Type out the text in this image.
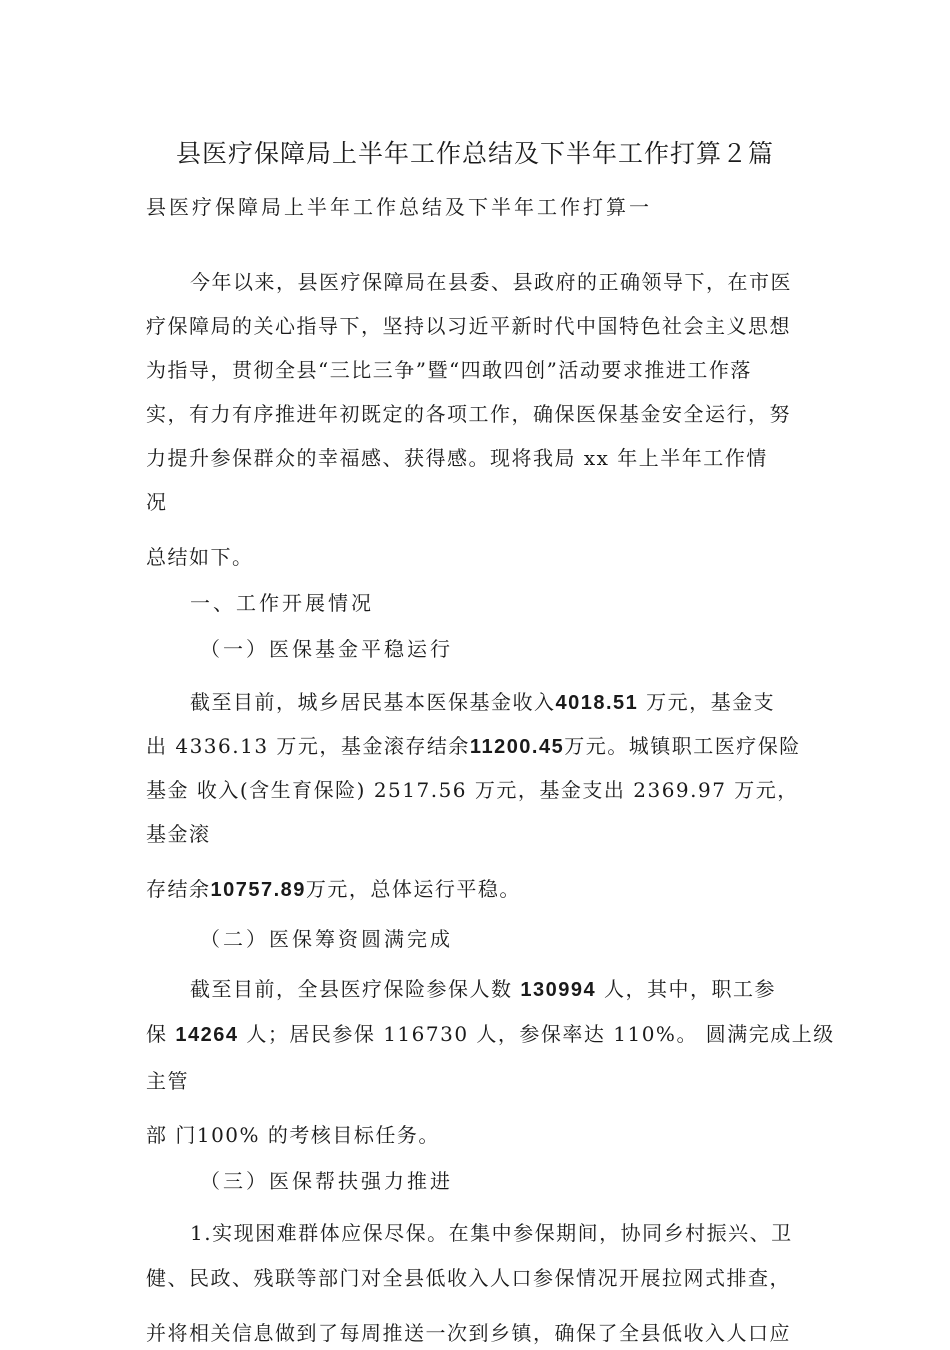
县医疗保障局上半年工作总结及下半年工作打算２篇
县医疗保障局上半年工作总结及下半年工作打算一
今年以来，县医疗保障局在县委、县政府的正确领导下，在市医
疗保障局的关心指导下，坚持以习近平新时代中国特色社会主义思想
为指导，贯彻全县“三比三争”暨“四敢四创”活动要求推进工作落
实，有力有序推进年初既定的各项工作，确保医保基金安全运行，努
力提升参保群众的幸福感、获得感。现将我局 xx 年上半年工作情
况
总结如下。
一、工作开展情况
（一）医保基金平稳运行
截至目前，城乡居民基本医保基金收入4018.51 万元，基金支
出 4336.13 万元，基金滚存结余11200.45万元。城镇职工医疗保险
基金 收入(含生育保险) 2517.56 万元，基金支出 2369.97 万元，
基金滚
存结余10757.89万元，总体运行平稳。
（二）医保筹资圆满完成
截至目前，全县医疗保险参保人数 130994 人，其中，职工参
保 14264 人；居民参保 116730 人，参保率达 110%。 圆满完成上级
主管
部 门100% 的考核目标任务。
（三）医保帮扶强力推进
1.实现困难群体应保尽保。在集中参保期间，协同乡村振兴、卫
健、民政、残联等部门对全县低收入人口参保情况开展拉网式排查，
并将相关信息做到了每周推送一次到乡镇，确保了全县低收入人口应
